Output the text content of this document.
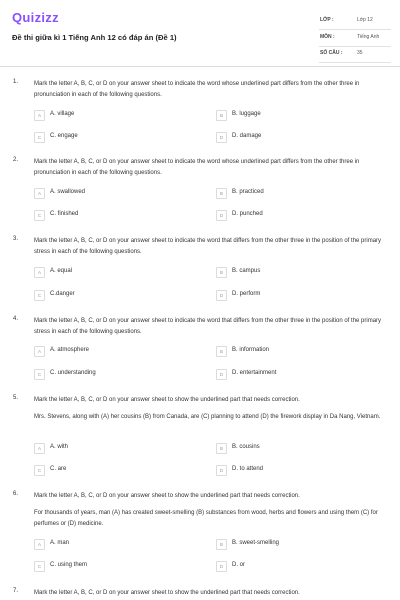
Quizizz
Đề thi giữa kì 1 Tiếng Anh 12 có đáp án (Đề 1)
LỚP :	Lớp 12
MÔN :	Tiếng Anh
SỐ CÂU :	35
1.	Mark the letter A, B, C, or D on your answer sheet to indicate the word whose underlined part differs from the other three in pronunciation in each of the following questions.
A	A. village	B	B. luggage
C	C. engage	D	D. damage
2.	Mark the letter A, B, C, or D on your answer sheet to indicate the word whose underlined part differs from the other three in pronunciation in each of the following questions.
A	A. swallowed	B	B. practiced
C	C. finished	D	D. punched
3.	Mark the letter A, B, C, or D on your answer sheet to indicate the word that differs from the other three in the position of the primary stress in each of the following questions.
A	A. equal	B	B. campus
C	C.danger	D	D. perform
4.	Mark the letter A, B, C, or D on your answer sheet to indicate the word that differs from the other three in the position of the primary stress in each of the following questions.
A	A. atmosphere	B	B. information
C	C. understanding	D	D. entertainment
5.	Mark the letter A, B, C, or D on your answer sheet to show the underlined part that needs correction.
Mrs. Stevens, along with (A) her cousins (B) from Canada, are (C) planning to attend (D) the firework display in Da Nang, Vietnam.
A	A. with	B	B. cousins
C	C. are	D	D. to attend
6.	Mark the letter A, B, C, or D on your answer sheet to show the underlined part that needs correction.
For thousands of years, man (A) has created sweet-smelling (B) substances from wood, herbs and flowers and using them (C) for perfumes or (D) medicine.
A	A. man	B	B. sweet-smelling
C	C. using them	D	D. or
7.	Mark the letter A, B, C, or D on your answer sheet to show the underlined part that needs correction.
